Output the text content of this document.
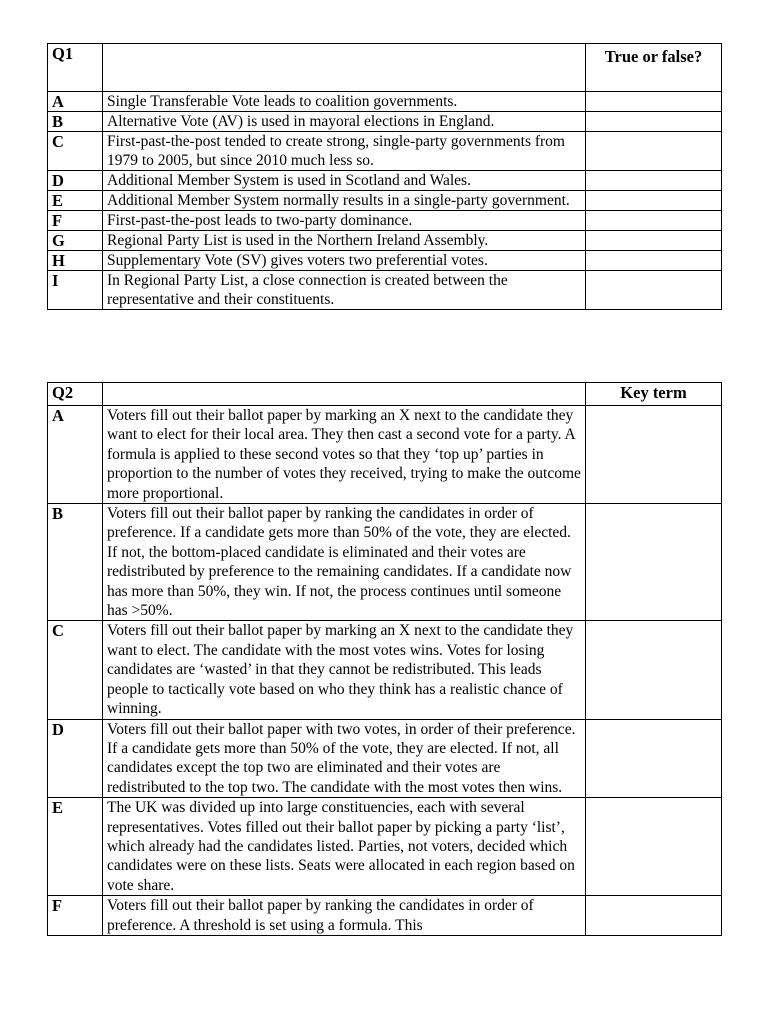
Q1		True or false?
A	Single Transferable Vote leads to coalition governments.	
B	Alternative Vote (AV) is used in mayoral elections in England.	
C	First-past-the-post tended to create strong, single-party governments from 1979 to 2005, but since 2010 much less so.	
D	Additional Member System is used in Scotland and Wales.	
E	Additional Member System normally results in a single-party government.	
F	First-past-the-post leads to two-party dominance.	
G	Regional Party List is used in the Northern Ireland Assembly.	
H	Supplementary Vote (SV) gives voters two preferential votes.	
I	In Regional Party List, a close connection is created between the representative and their constituents.	
Q2		Key term
A	Voters fill out their ballot paper by marking an X next to the candidate they want to elect for their local area. They then cast a second vote for a party. A formula is applied to these second votes so that they ‘top up’ parties in proportion to the number of votes they received, trying to make the outcome more proportional.	
B	Voters fill out their ballot paper by ranking the candidates in order of preference. If a candidate gets more than 50% of the vote, they are elected. If not, the bottom-placed candidate is eliminated and their votes are redistributed by preference to the remaining candidates. If a candidate now has more than 50%, they win. If not, the process continues until someone has >50%.	
C	Voters fill out their ballot paper by marking an X next to the candidate they want to elect. The candidate with the most votes wins. Votes for losing candidates are ‘wasted’ in that they cannot be redistributed. This leads people to tactically vote based on who they think has a realistic chance of winning.	
D	Voters fill out their ballot paper with two votes, in order of their preference. If a candidate gets more than 50% of the vote, they are elected. If not, all candidates except the top two are eliminated and their votes are redistributed to the top two. The candidate with the most votes then wins.	
E	The UK was divided up into large constituencies, each with several representatives. Votes filled out their ballot paper by picking a party ‘list’, which already had the candidates listed. Parties, not voters, decided which candidates were on these lists. Seats were allocated in each region based on vote share.	
F	Voters fill out their ballot paper by ranking the candidates in order of preference. A threshold is set using a formula. This	
